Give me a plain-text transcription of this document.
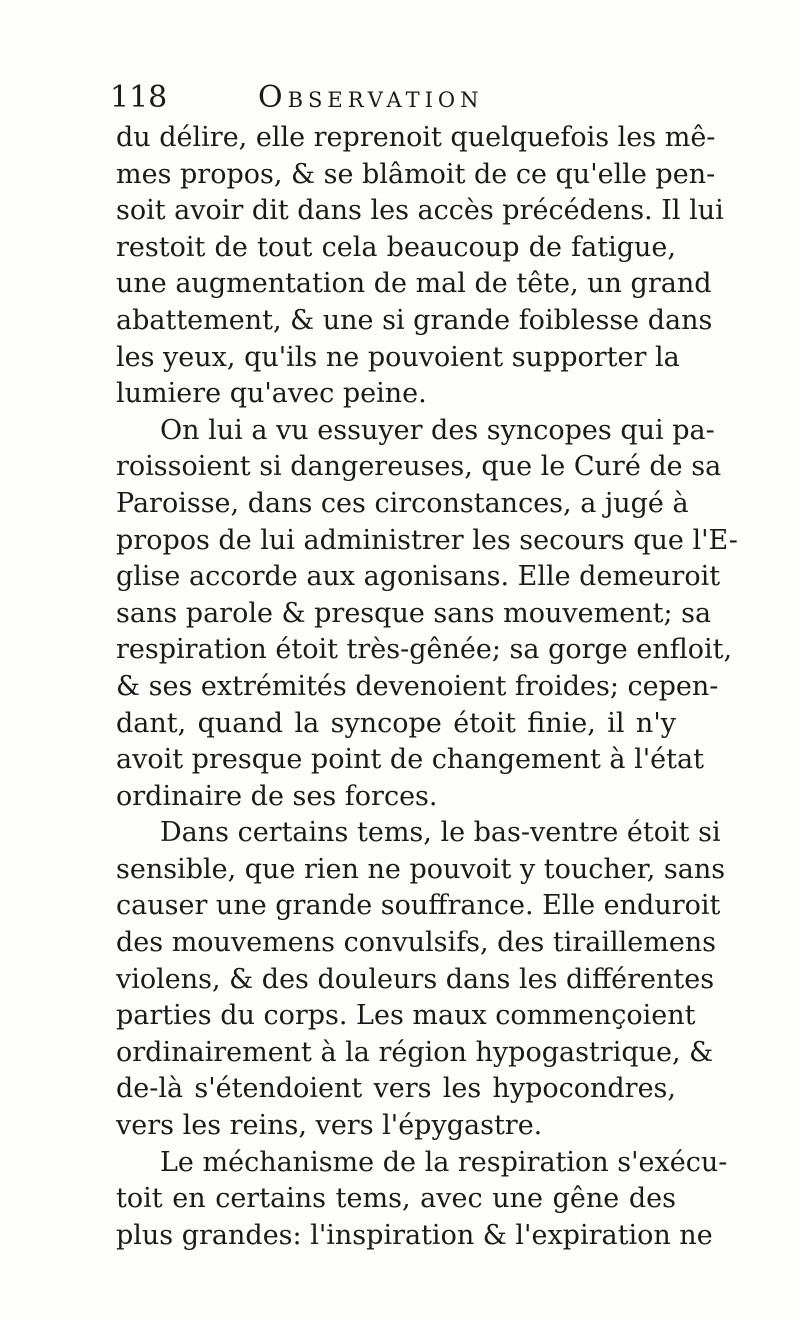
118	Observation
du délire, elle reprenoit quelquefois les mê-
mes propos, & se blâmoit de ce qu'elle pen-
soit avoir dit dans les accès précédens. Il lui
restoit de tout cela beaucoup de fatigue,
une augmentation de mal de tête, un grand
abattement, & une si grande foiblesse dans
les yeux, qu'ils ne pouvoient supporter la
lumiere qu'avec peine.
On lui a vu essuyer des syncopes qui pa-
roissoient si dangereuses, que le Curé de sa
Paroisse, dans ces circonstances, a jugé à
propos de lui administrer les secours que l'E-
glise accorde aux agonisans. Elle demeuroit
sans parole & presque sans mouvement; sa
respiration étoit très-gênée; sa gorge enfloit,
& ses extrémités devenoient froides; cepen-
dant, quand la syncope étoit finie, il n'y
avoit presque point de changement à l'état
ordinaire de ses forces.
Dans certains tems, le bas-ventre étoit si
sensible, que rien ne pouvoit y toucher, sans
causer une grande souffrance. Elle enduroit
des mouvemens convulsifs, des tiraillemens
violens, & des douleurs dans les différentes
parties du corps. Les maux commençoient
ordinairement à la région hypogastrique, &
de-là s'étendoient vers les hypocondres,
vers les reins, vers l'épygastre.
Le méchanisme de la respiration s'exécu-
toit en certains tems, avec une gêne des
plus grandes: l'inspiration & l'expiration ne
